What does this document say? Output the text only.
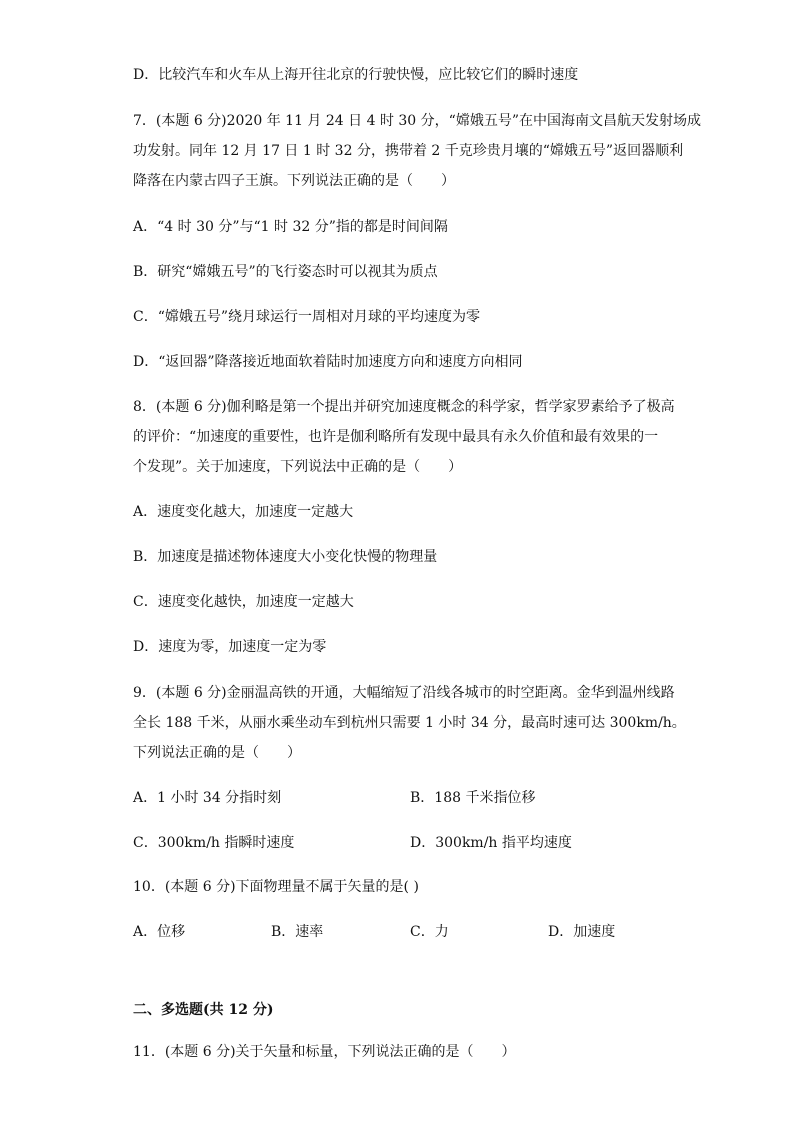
D．比较汽车和火车从上海开往北京的行驶快慢，应比较它们的瞬时速度
7．(本题 6 分)2020 年 11 月 24 日 4 时 30 分，“嫦娥五号”在中国海南文昌航天发射场成
功发射。同年 12 月 17 日 1 时 32 分，携带着 2 千克珍贵月壤的“嫦娥五号”返回器顺利
降落在内蒙古四子王旗。下列说法正确的是（　　）
A．“4 时 30 分”与“1 时 32 分”指的都是时间间隔
B．研究“嫦娥五号”的飞行姿态时可以视其为质点
C．“嫦娥五号”绕月球运行一周相对月球的平均速度为零
D．“返回器”降落接近地面软着陆时加速度方向和速度方向相同
8．(本题 6 分)伽利略是第一个提出并研究加速度概念的科学家，哲学家罗素给予了极高
的评价：“加速度的重要性，也许是伽利略所有发现中最具有永久价值和最有效果的一
个发现”。关于加速度，下列说法中正确的是（　　）
A．速度变化越大，加速度一定越大
B．加速度是描述物体速度大小变化快慢的物理量
C．速度变化越快，加速度一定越大
D．速度为零，加速度一定为零
9．(本题 6 分)金丽温高铁的开通，大幅缩短了沿线各城市的时空距离。金华到温州线路
全长 188 千米，从丽水乘坐动车到杭州只需要 1 小时 34 分，最高时速可达 300km/h。
下列说法正确的是（　　）
A．1 小时 34 分指时刻	B．188 千米指位移
C．300km/h 指瞬时速度	D．300km/h 指平均速度
10．(本题 6 分)下面物理量不属于矢量的是( )
A．位移	B．速率	C．力	D．加速度
二、多选题(共 12 分)
11．(本题 6 分)关于矢量和标量，下列说法正确的是（　　）
